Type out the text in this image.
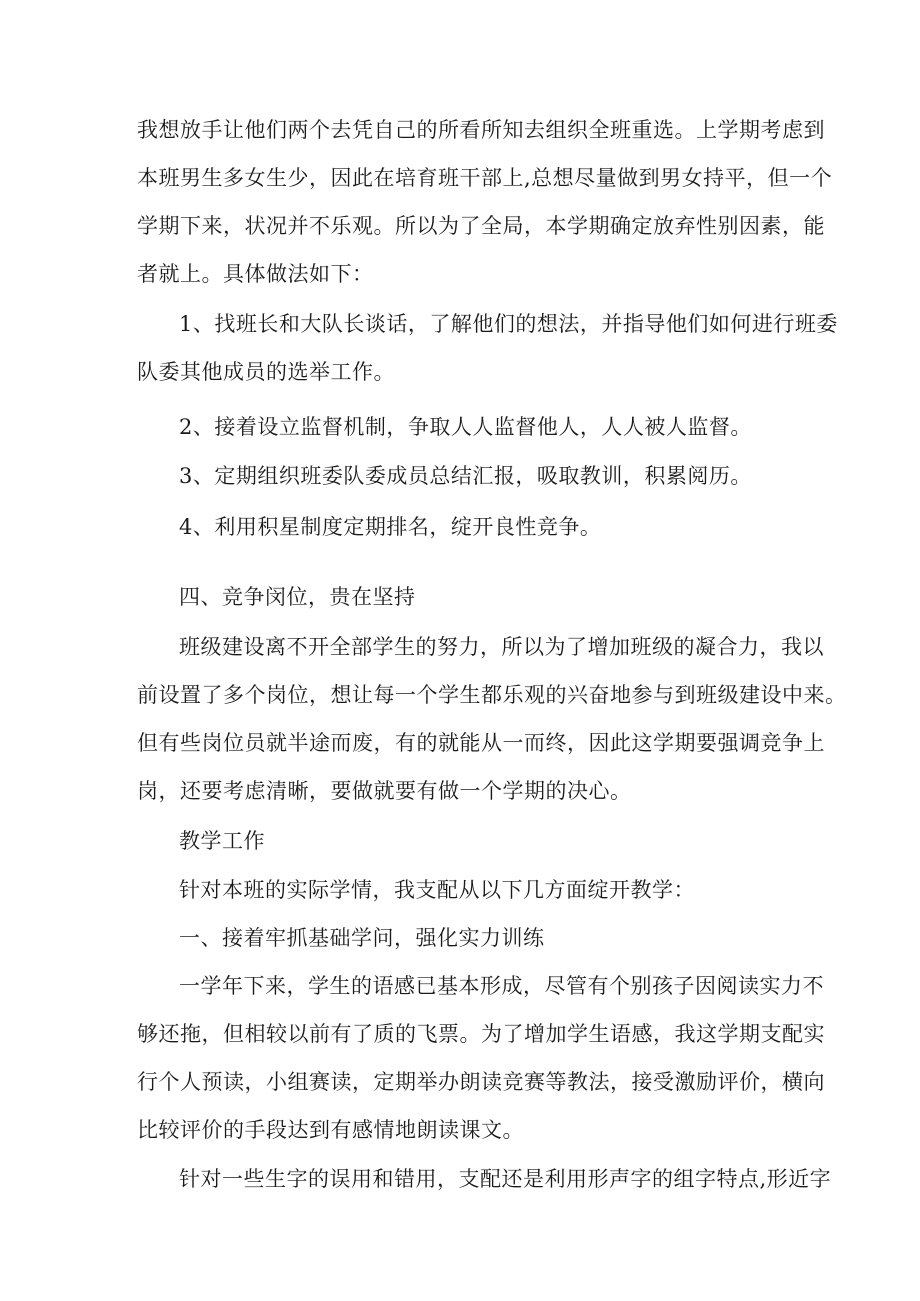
我想放手让他们两个去凭自己的所看所知去组织全班重选。上学期考虑到
本班男生多女生少，因此在培育班干部上,总想尽量做到男女持平，但一个
学期下来，状况并不乐观。所以为了全局，本学期确定放弃性别因素，能
者就上。具体做法如下：
1、找班长和大队长谈话，了解他们的想法，并指导他们如何进行班委
队委其他成员的选举工作。
2、接着设立监督机制，争取人人监督他人，人人被人监督。
3、定期组织班委队委成员总结汇报，吸取教训，积累阅历。
4、利用积星制度定期排名，绽开良性竞争。
四、竞争闵位，贵在坚持
班级建设离不开全部学生的努力，所以为了增加班级的凝合力，我以
前设置了多个岗位，想让每一个学生都乐观的兴奋地参与到班级建设中来。
但有些岗位员就半途而废，有的就能从一而终，因此这学期要强调竞争上
岗，还要考虑清晰，要做就要有做一个学期的决心。
教学工作
针对本班的实际学情，我支配从以下几方面绽开教学：
一、接着牢抓基础学问，强化实力训练
一学年下来，学生的语感已基本形成，尽管有个别孩子因阅读实力不
够还拖，但相较以前有了质的飞票。为了增加学生语感，我这学期支配实
行个人预读，小组赛读，定期举办朗读竞赛等教法，接受激励评价，横向
比较评价的手段达到有感情地朗读课文。
针对一些生字的误用和错用，支配还是利用形声字的组字特点,形近字
